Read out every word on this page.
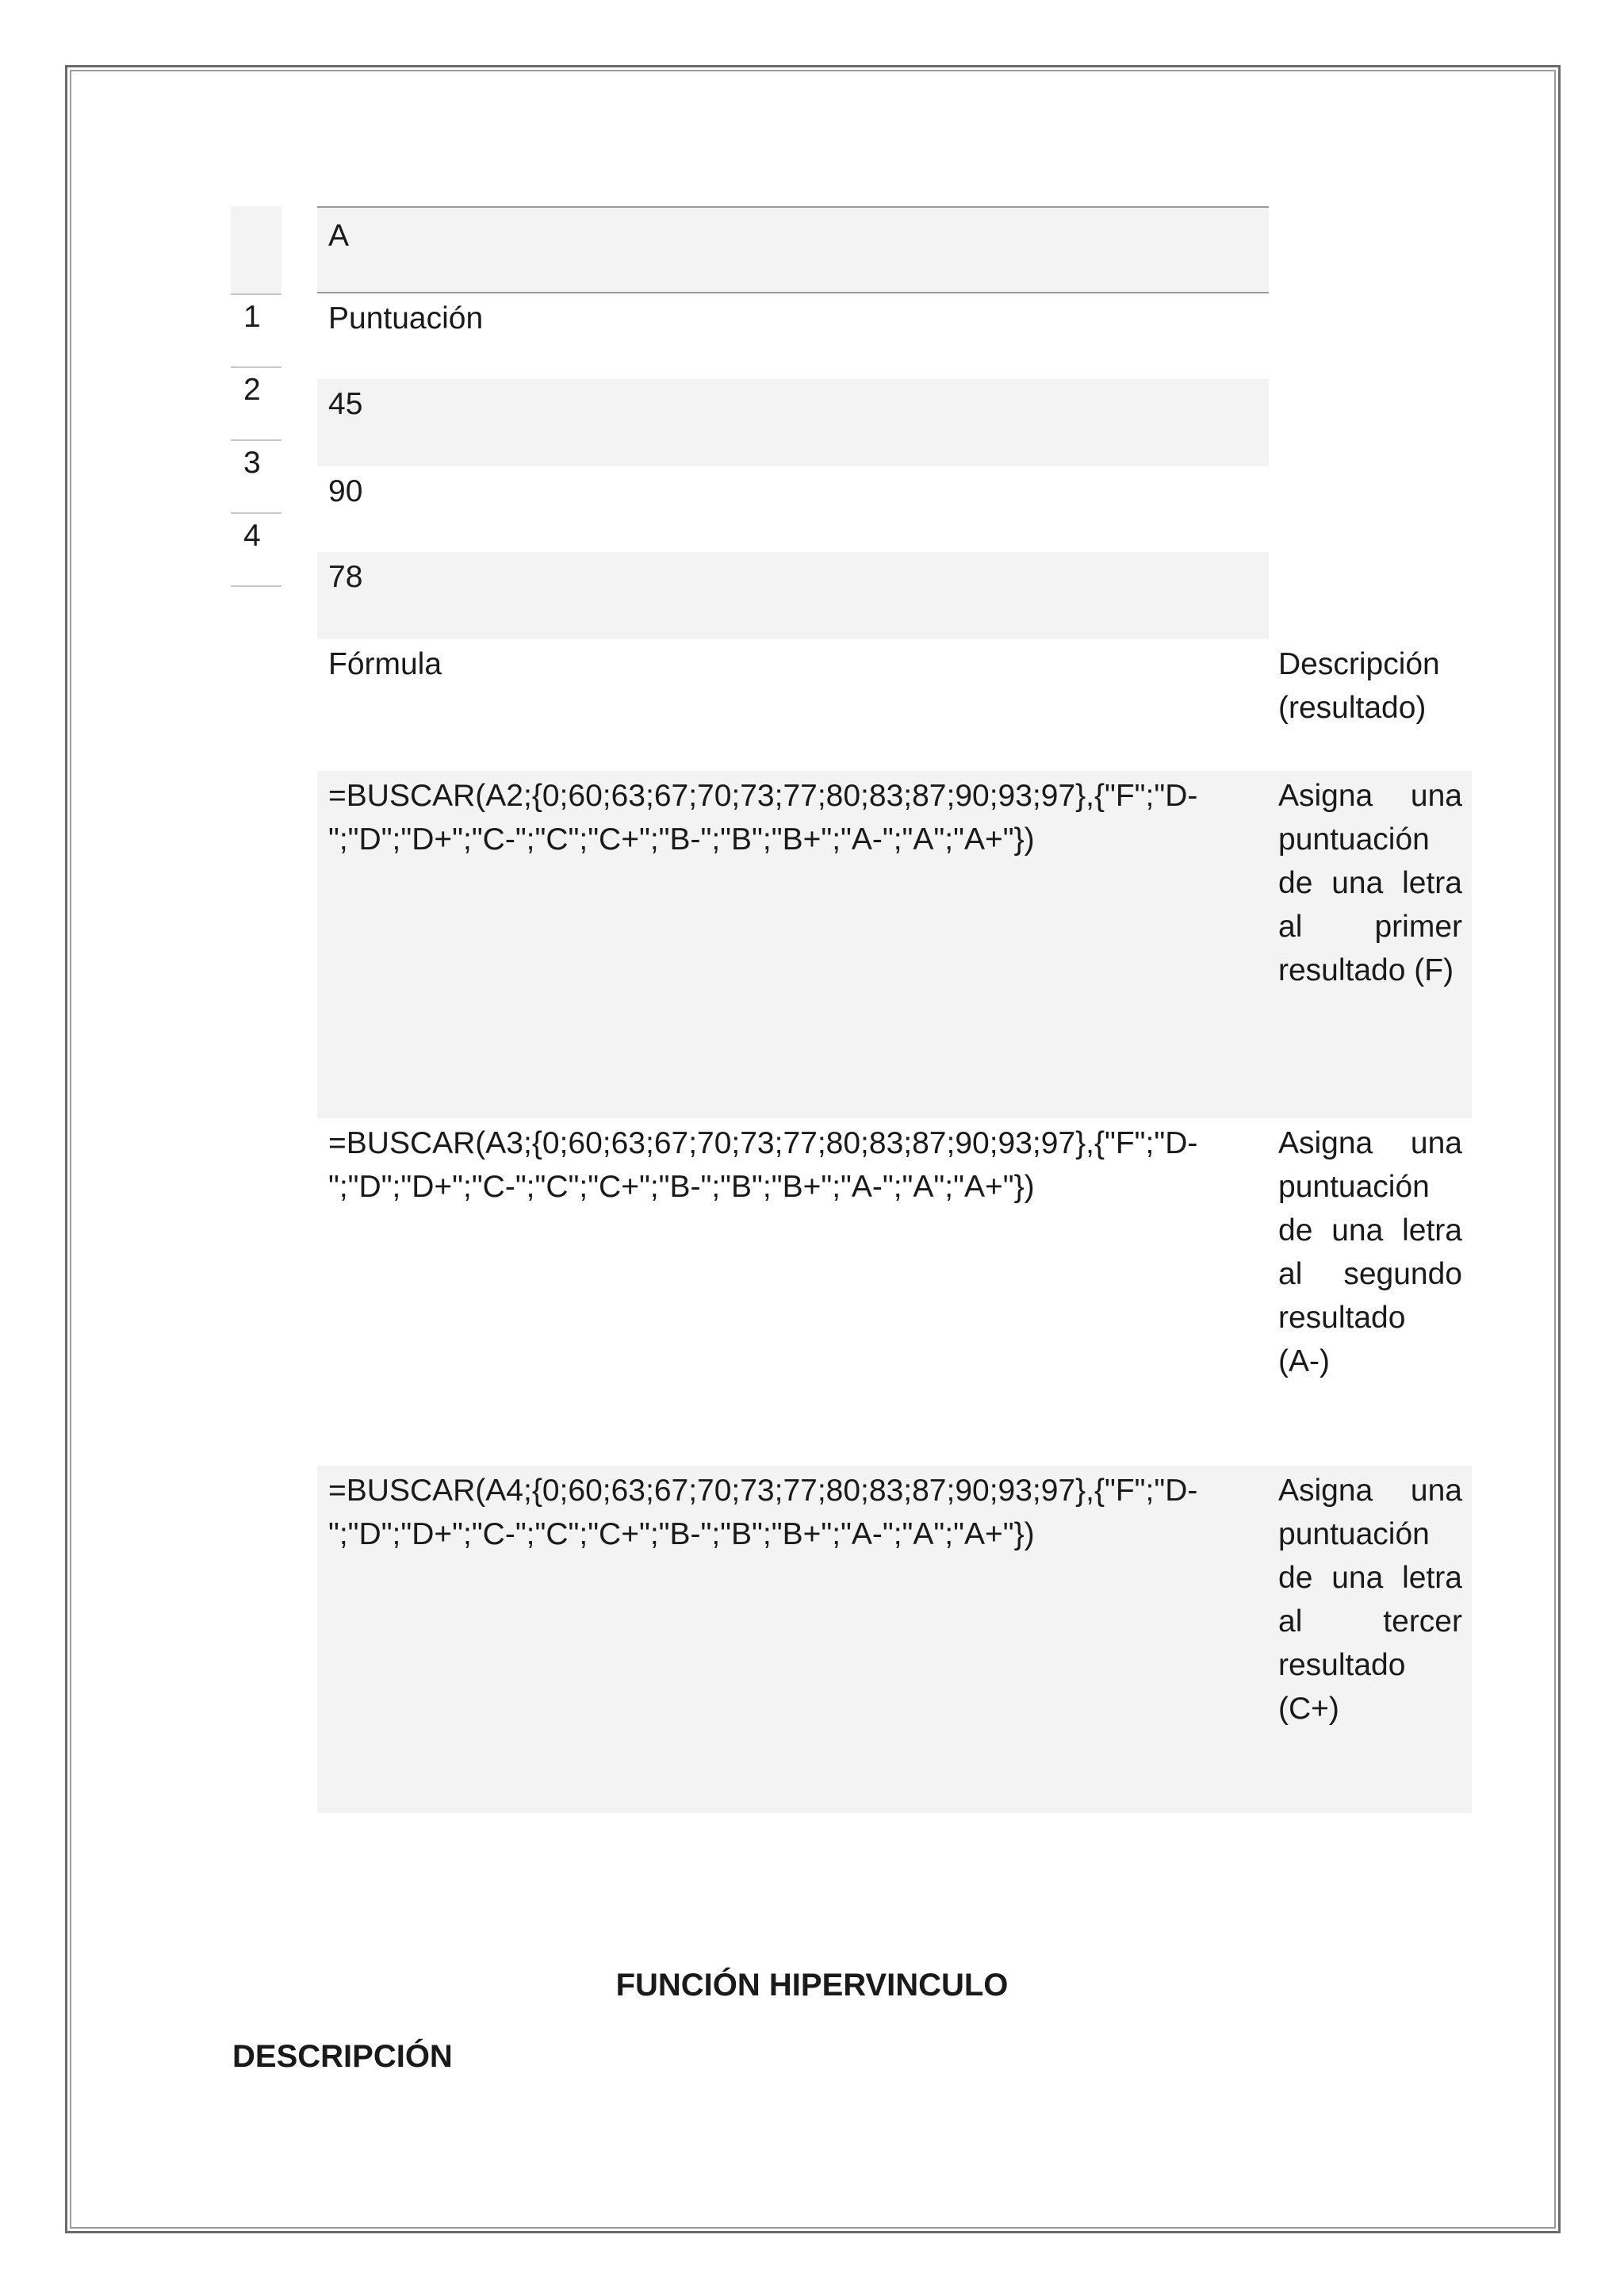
1
2
3
4
A
Puntuación
45
90
78
Fórmula	Descripción (resultado)
=BUSCAR(A2;{0;60;63;67;70;73;77;80;83;87;90;93;97},{"F";"D-";"D";"D+";"C-";"C";"C+";"B-";"B";"B+";"A-";"A";"A+"})
Asigna una puntuación de una letra al primer resultado (F)
=BUSCAR(A3;{0;60;63;67;70;73;77;80;83;87;90;93;97},{"F";"D-";"D";"D+";"C-";"C";"C+";"B-";"B";"B+";"A-";"A";"A+"})
Asigna una puntuación de una letra al segundo resultado (A-)
=BUSCAR(A4;{0;60;63;67;70;73;77;80;83;87;90;93;97},{"F";"D-";"D";"D+";"C-";"C";"C+";"B-";"B";"B+";"A-";"A";"A+"})
Asigna una puntuación de una letra al tercer resultado (C+)
FUNCIÓN HIPERVINCULO
DESCRIPCIÓN
